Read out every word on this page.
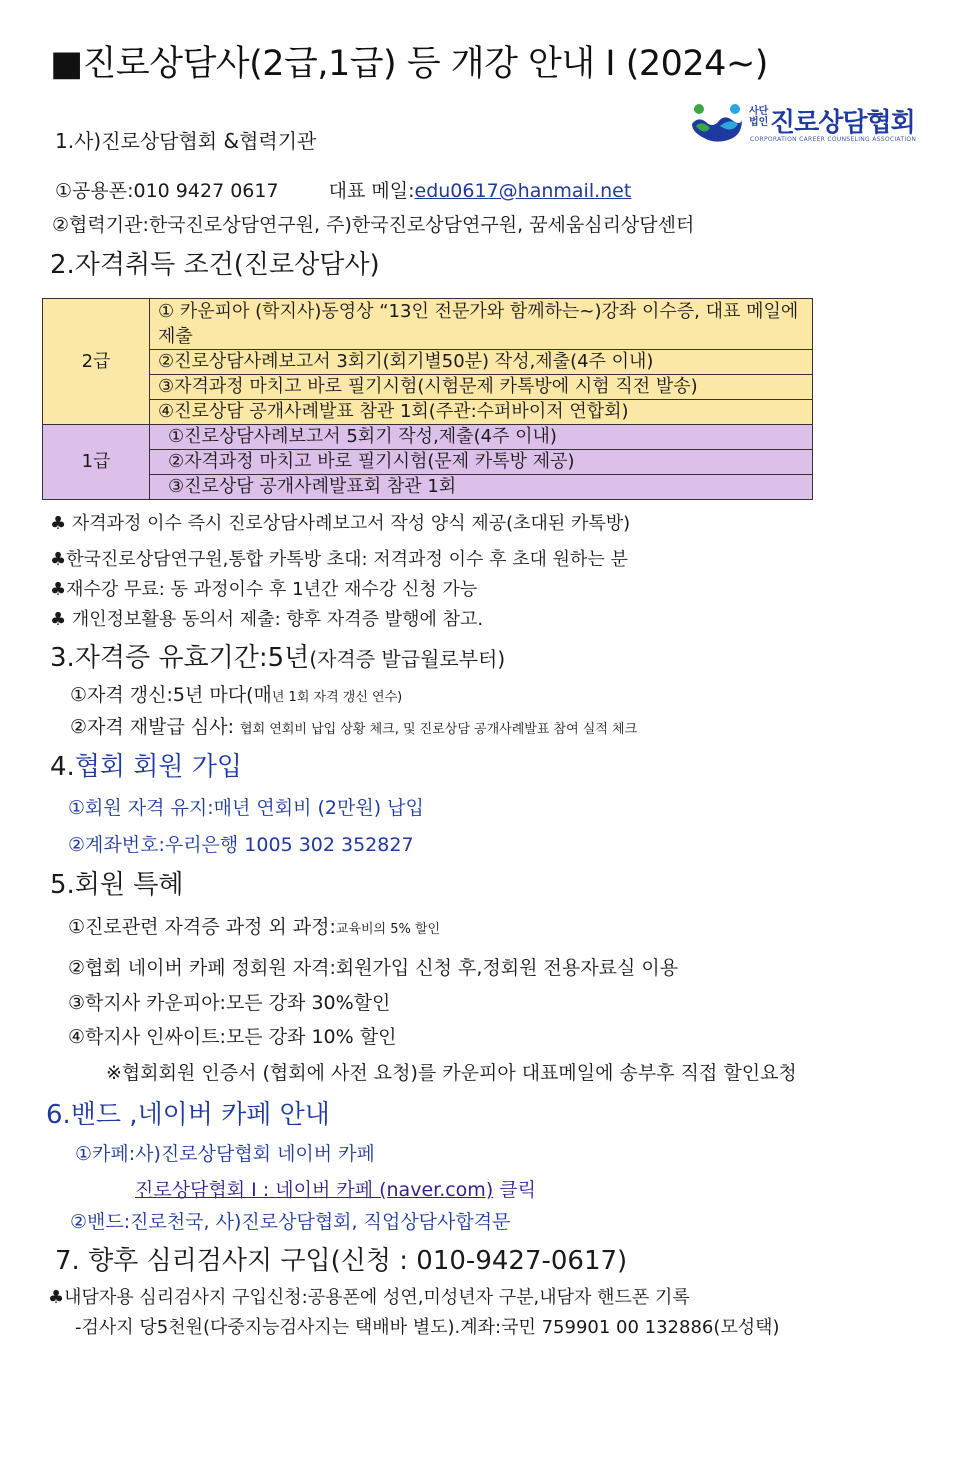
■진로상담사(2급,1급) 등 개강 안내 I (2024~)
사단
법인 진로상담협회
CORPORATION CAREER COUNSELING ASSOCIATION
1.사)진로상담협회 &협력기관
①공용폰:010 9427 0617	대표 메일:edu0617@hanmail.net
②협력기관:한국진로상담연구원, 주)한국진로상담연구원, 꿈세움심리상담센터
2.자격취득 조건(진로상담사)
2급	① 카운피아 (학지사)동영상 “13인 전문가와 함께하는~)강좌 이수증, 대표 메일에 제출
	②진로상담사례보고서 3회기(회기별50분) 작성,제출(4주 이내)
	③자격과정 마치고 바로 필기시험(시험문제 카톡방에 시험 직전 발송)
	④진로상담 공개사례발표 참관 1회(주관:수퍼바이저 연합회)
1급	①진로상담사례보고서 5회기 작성,제출(4주 이내)
	②자격과정 마치고 바로 필기시험(문제 카톡방 제공)
	③진로상담 공개사례발표회 참관 1회
♣ 자격과정 이수 즉시 진로상담사례보고서 작성 양식 제공(초대된 카톡방)
♣한국진로상담연구원,통합 카톡방 초대: 저격과정 이수 후 초대 원하는 분
♣재수강 무료: 동 과정이수 후 1년간 재수강 신청 가능
♣ 개인정보활용 동의서 제출: 향후 자격증 발행에 참고.
3.자격증 유효기간:5년(자격증 발급월로부터)
①자격 갱신:5년 마다(매년 1회 자격 갱신 연수)
②자격 재발급 심사: 협회 연회비 납입 상황 체크, 및 진로상담 공개사례발표 참여 실적 체크
4.협회 회원 가입
①회원 자격 유지:매년 연회비 (2만원) 납입
②계좌번호:우리은행 1005 302 352827
5.회원 특혜
①진로관련 자격증 과정 외 과정:교육비의 5% 할인
②협회 네이버 카페 정회원 자격:회원가입 신청 후,정회원 전용자료실 이용
③학지사 카운피아:모든 강좌 30%할인
④학지사 인싸이트:모든 강좌 10% 할인
※협회회원 인증서 (협회에 사전 요청)를 카운피아 대표메일에 송부후 직접 할인요청
6.밴드 ,네이버 카페 안내
①카페:사)진로상담협회 네이버 카페
진로상담협회 I : 네이버 카페 (naver.com) 클릭
②밴드:진로천국, 사)진로상담협회, 직업상담사합격문
7. 향후 심리검사지 구입(신청 : 010-9427-0617)
♣내담자용 심리검사지 구입신청:공용폰에 성연,미성년자 구분,내담자 핸드폰 기록
-검사지 당5천원(다중지능검사지는 택배바 별도).계좌:국민 759901 00 132886(모성택)
